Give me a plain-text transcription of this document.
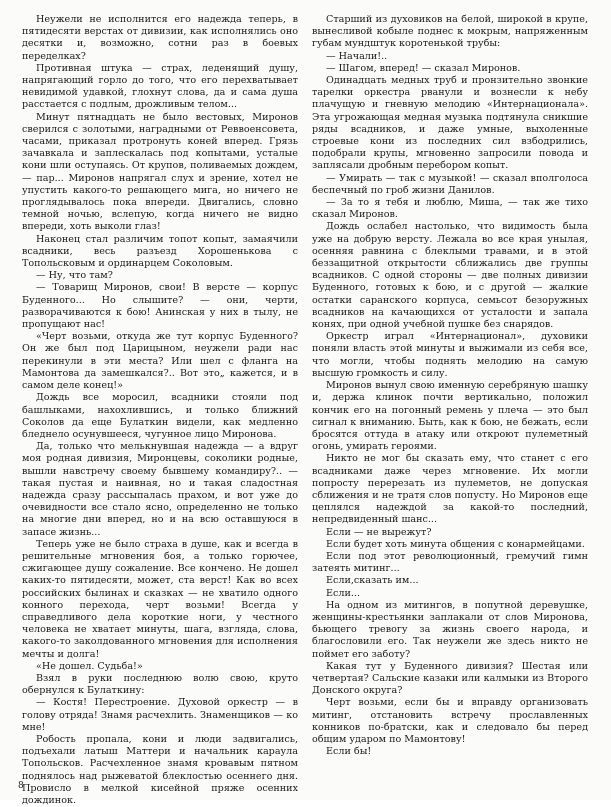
Неужели не исполнится его надежда теперь, в пятидесяти верстах от дивизии, как исполнялись оно десятки и, возможно, сотни раз в боевых переделках?

Противная штука — страх, леденящий душу, напрягающий горло до того, что его перехватывает невидимой удавкой, глохнут слова, да и сама душа расстается с подлым, дрожливым телом...

Минут пятнадцать не было вестовых, Миронов сверился с золотыми, наградными от Реввоенсовета, часами, приказал протронуть коней вперед. Грязь зачавкала и заплескалась под копытами, усталые кони шли оступаясь. От крупов, поливаемых дождем, — пар... Миронов напрягал слух и зрение, хотел не упустить какого-то решающего мига, но ничего не проглядывалось пока впереди. Двигались, словно темной ночью, вслепую, когда ничего не видно впереди, хоть выколи глаз!

Наконец стал различим топот копыт, замаячили всадники, весь разъезд Хорошенькова с Топольсковым и ординарцем Соколовым.

— Ну, что там?

— Товарищ Миронов, свои! В версте — корпус Буденного... Но слышите? — они, черти, разворачиваются к бою! Анинская у них в тылу, не пропущают нас!

«Черт возьми, откуда же тут корпус Буденного? Он же был под Царицыном, неужели ради нас перекинули в эти места? Или шел с фланга на Мамонтова да замешкался?.. Вот это„ кажется, и в самом деле конец!»

Дождь все моросил, всадники стояли под башлыками, нахохлившись, и только ближний Соколов да еще Булаткин видели, как медленно бледнело осунувшееся, чугунное лицо Миронова.

Да, только что мелькнувшая надежда — а вдруг моя родная дивизия, Миронцевы, соколики родные, вышли навстречу своему бывшему командиру?.. — такая пустая и наивная, но и такая сладостная надежда сразу рассыпалась прахом, и вот уже до очевидности все стало ясно, определенно не только на многие дни вперед, но и на всю оставшуюся в запасе жизнь...

Теперь уже не было страха в душе, как и всегда в решительные мгновения боя, а только горючее, сжигающее душу сожаление. Все кончено. Не дошел каких-то пятидесяти, может, ста верст! Как во всех российских былинах и сказках — не хватило одного конного перехода, черт возьми! Всегда у справедливого дела короткие ноги, у честного человека не хватает минуты, шага, взгляда, слова, какого-то заколдованного мгновения для исполнения мечты и долга!

«Не дошел. Судьба!»

Взял в руки последнюю волю свою, круто обернулся к Булаткину:

— Костя! Перестроение. Духовой оркестр — в голову отряда! Знамя расчехлить. Знаменщиков — ко мне!

Робость пропала, кони и люди задвигались, подъехали латыш Маттери и начальник караула Топольсков. Расчехленное знамя кровавым пятном поднялось над рыжеватой блеклостью осеннего дня. Провисло в мелкой кисейной пряже осенних дождинок.

Старший из духовиков на белой, широкой в крупе, вынесливой кобыле поднес к мокрым, напряженным губам мундштук коротенькой трубы:

— Начали!..

— Шагом, вперед! — сказал Миронов.

Одинадцать медных труб и пронзительно звонкие тарелки оркестра рванули и вознесли к небу плачущую и гневную мелодию «Интернационала». Эта угрожающая медная музыка подтянула сникшие ряды всадников, и даже умные, выхоленные строевые кони из последних сил взбодрились, подобрали крупы, мгновенно запросили повода и заплясали дробным перебором копыт.

— Умирать — так с музыкой! — сказал вполголоса беспечный по гроб жизни Данилов.

— За то я тебя и люблю, Миша, — так же тихо сказал Миронов.

Дождь ослабел настолько, что видимость была уже на добрую версту. Лежала во все края унылая, осенняя равнина с блеклыми травами, и в этой беззащитной открытости сближались две группы всадников. С одной стороны — две полных дивизии Буденного, готовых к бою, и с другой — жалкие остатки саранского корпуса, семьсот безоружных всадников на качающихся от усталости и запала конях, при одной учебной пушке без снарядов.

Оркестр играл «Интернационал», духовики поняли власть этой минуты и выжимали из себя все, что могли, чтобы поднять мелодию на самую высшую громкость и силу.

Миронов вынул свою именную серебряную шашку и, держа клинок почти вертикально, положил кончик его на погонный ремень у плеча — это был сигнал к вниманию. Быть, как к бою, не бежать, если бросятся оттуда в атаку или откроют пулеметный огонь, умирать героями.

Никто не мог бы сказать ему, что станет с его всадниками даже через мгновение. Их могли попросту перерезать из пулеметов, не допуская сближения и не тратя слов попусту. Но Миронов еще цеплялся надеждой за какой-то последний, непредвиденный шанс...

Если — не вырежут?

Если будет хоть минута общения с конармейцами.

Если под этот революционный, гремучий гимн затеять митинг...

Если,сказать им...

Если...

На одном из митингов, в попутной деревушке, женщины-крестьянки заплакали от слов Миронова, бьющего тревогу за жизнь своего народа, и благословили его. Так неужели же здесь никто не поймет его заботу?

Какая тут у Буденного дивизия? Шестая или четвертая? Сальские казаки или калмыки из Второго Донского округа?

Черт возьми, если бы и вправду организовать митинг, отстановить встречу прославленных конников по-братски, как и следовало бы перед общим ударом по Мамонтову!

Если бы!

8
